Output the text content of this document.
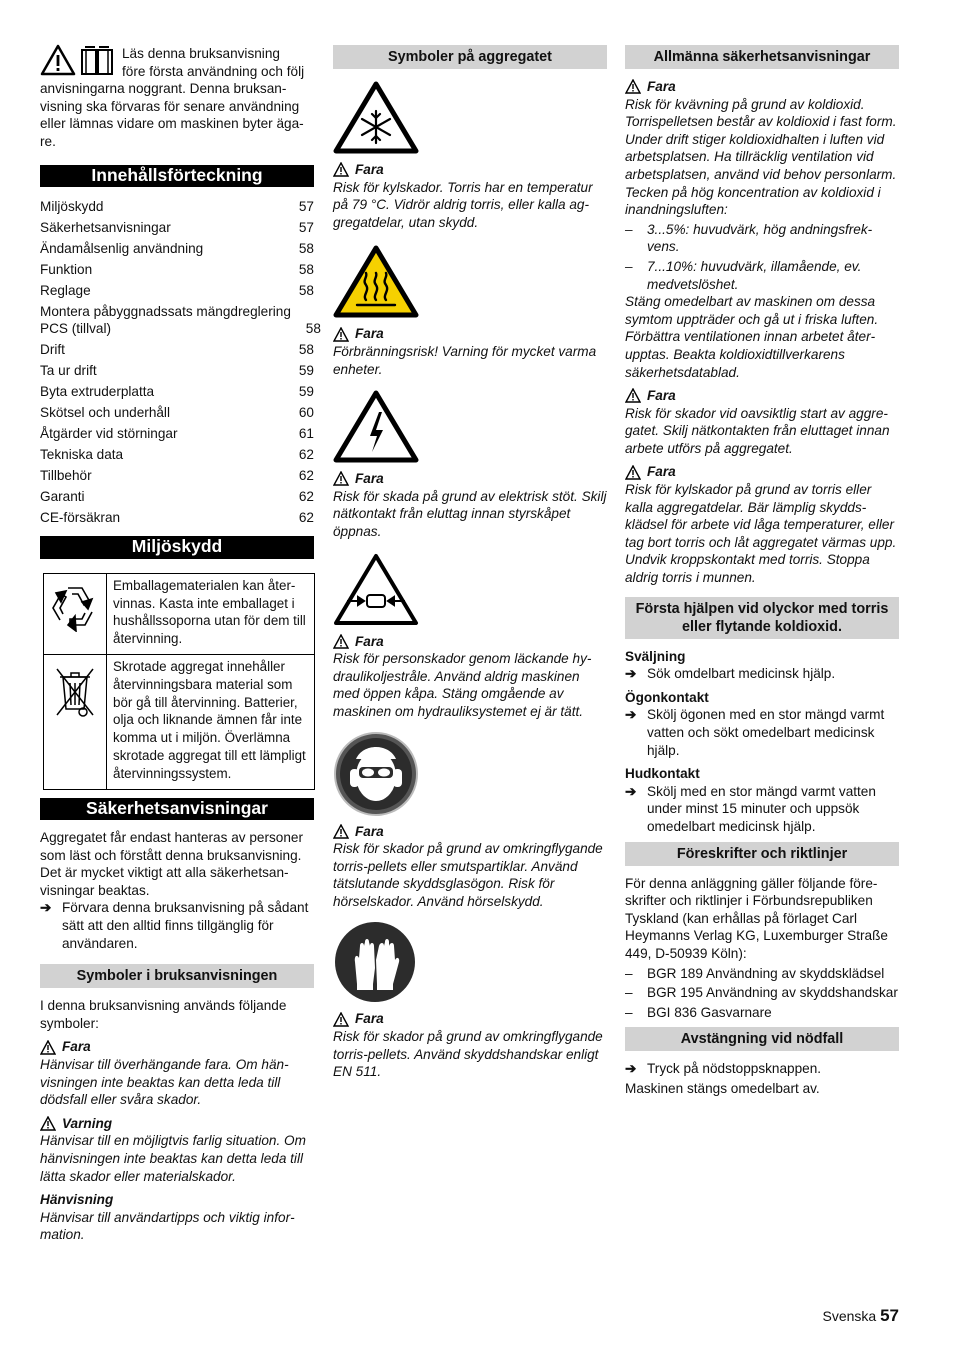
Läs denna bruksanvisning

före första användning och följ

anvisningarna noggrant. Denna bruksanvisning ska förvaras för senare användning eller lämnas vidare om maskinen byter ägare.

Innehållsförteckning
Miljöskydd	57
Säkerhetsanvisningar	57
Ändamålsenlig användning	58
Funktion	58
Reglage	58
Montera påbyggnadssats mängdreglering
PCS (tillval)	58
Drift	58
Ta ur drift	59
Byta extruderplatta	59
Skötsel och underhåll	60
Åtgärder vid störningar	61
Tekniska data	62
Tillbehör	62
Garanti	62
CE-försäkran	62
Miljöskydd
	Emballagematerialen kan återvinnas. Kasta inte emballaget i hushållssoporna utan för dem till återvinning.
	Skrotade aggregat innehåller återvinningsbara material som bör gå till återvinning. Batterier, olja och liknande ämnen får inte komma ut i miljön. Överlämna skrotade aggregat till ett lämpligt återvinningssystem.
Säkerhetsanvisningar

Aggregatet får endast hanteras av personer som läst och förstått denna bruksanvisning. Det är mycket viktigt att alla säkerhetsanvisningar beaktas.

➔ Förvara denna bruksanvisning på sådant sätt att den alltid finns tillgänglig för användaren.
Symboler i bruksanvisningen

I denna bruksanvisning används följande symboler:

Fara

Hänvisar till överhängande fara. Om hänvisningen inte beaktas kan detta leda till dödsfall eller svåra skador.

Varning

Hänvisar till en möjligtvis farlig situation. Om hänvisningen inte beaktas kan detta leda till lätta skador eller materialskador.

Hänvisning

Hänvisar till användartipps och viktig information.

Symboler på aggregatet
Fara

Risk för kylskador. Torris har en temperatur på 79 °C. Vidrör aldrig torris, eller kalla aggregatdelar, utan skydd.

Fara

Förbränningsrisk! Varning för mycket varma enheter.

Fara

Risk för skada på grund av elektrisk stöt. Skilj nätkontakt från eluttag innan styrskåpet öppnas.

Fara

Risk för personskador genom läckande hydraulikoljestråle. Använd aldrig maskinen med öppen kåpa. Stäng omgående av maskinen om hydrauliksystemet ej är tätt.

Fara

Risk för skador på grund av omkringflygande torris-pellets eller smutspartiklar. Använd tätslutande skyddsglasögon. Risk för hörselskador. Använd hörselskydd.

Fara

Risk för skador på grund av omkringflygande torris-pellets. Använd skyddshandskar enligt EN 511.

Allmänna säkerhetsanvisningar
Fara

Risk för kvävning på grund av koldioxid. Torrispelletsen består av koldioxid i fast form. Under drift stiger koldioxidhalten i luften vid arbetsplatsen. Ha tillräcklig ventilation vid arbetsplatsen, använd vid behov personlarm. Tecken på hög koncentration av koldioxid i inandningsluften:

–	3...5%: huvudvärk, hög andningsfrekvens.
–	7...10%: huvudvärk, illamående, ev. medvetslöshet.

Stäng omedelbart av maskinen om dessa symtom uppträder och gå ut i friska luften. Förbättra ventilationen innan arbetet återupptas. Beakta koldioxidtillverkarens säkerhetsdatablad.

Fara

Risk för skador vid oavsiktlig start av aggregatet. Skilj nätkontakten från eluttaget innan arbete utförs på aggregatet.

Fara

Risk för kylskador på grund av torris eller kalla aggregatdelar. Bär lämplig skyddsklädsel för arbete vid låga temperaturer, eller tag bort torris och låt aggregatet värmas upp. Undvik kroppskontakt med torris. Stoppa aldrig torris i munnen.

Första hjälpen vid olyckor med torris eller flytande koldioxid.
Sväljning
➔ Sök omdelbart medicinsk hjälp.
Ögonkontakt
➔ Skölj ögonen med en stor mängd varmt vatten och sökt omedelbart medicinsk hjälp.
Hudkontakt
➔ Skölj med en stor mängd varmt vatten under minst 15 minuter och uppsök omedelbart medicinsk hjälp.
Föreskrifter och riktlinjer

För denna anläggning gäller följande föreskrifter och riktlinjer i Förbundsrepubliken Tyskland (kan erhållas på förlaget Carl Heymanns Verlag KG, Luxemburger Straße 449, D-50939 Köln):

–	BGR 189 Användning av skyddsklädsel
–	BGR 195 Användning av skyddshandskar
–	BGI 836 Gasvarnare
Avstängning vid nödfall
➔ Tryck på nödstoppsknappen.

Maskinen stängs omedelbart av.

Svenska 57
